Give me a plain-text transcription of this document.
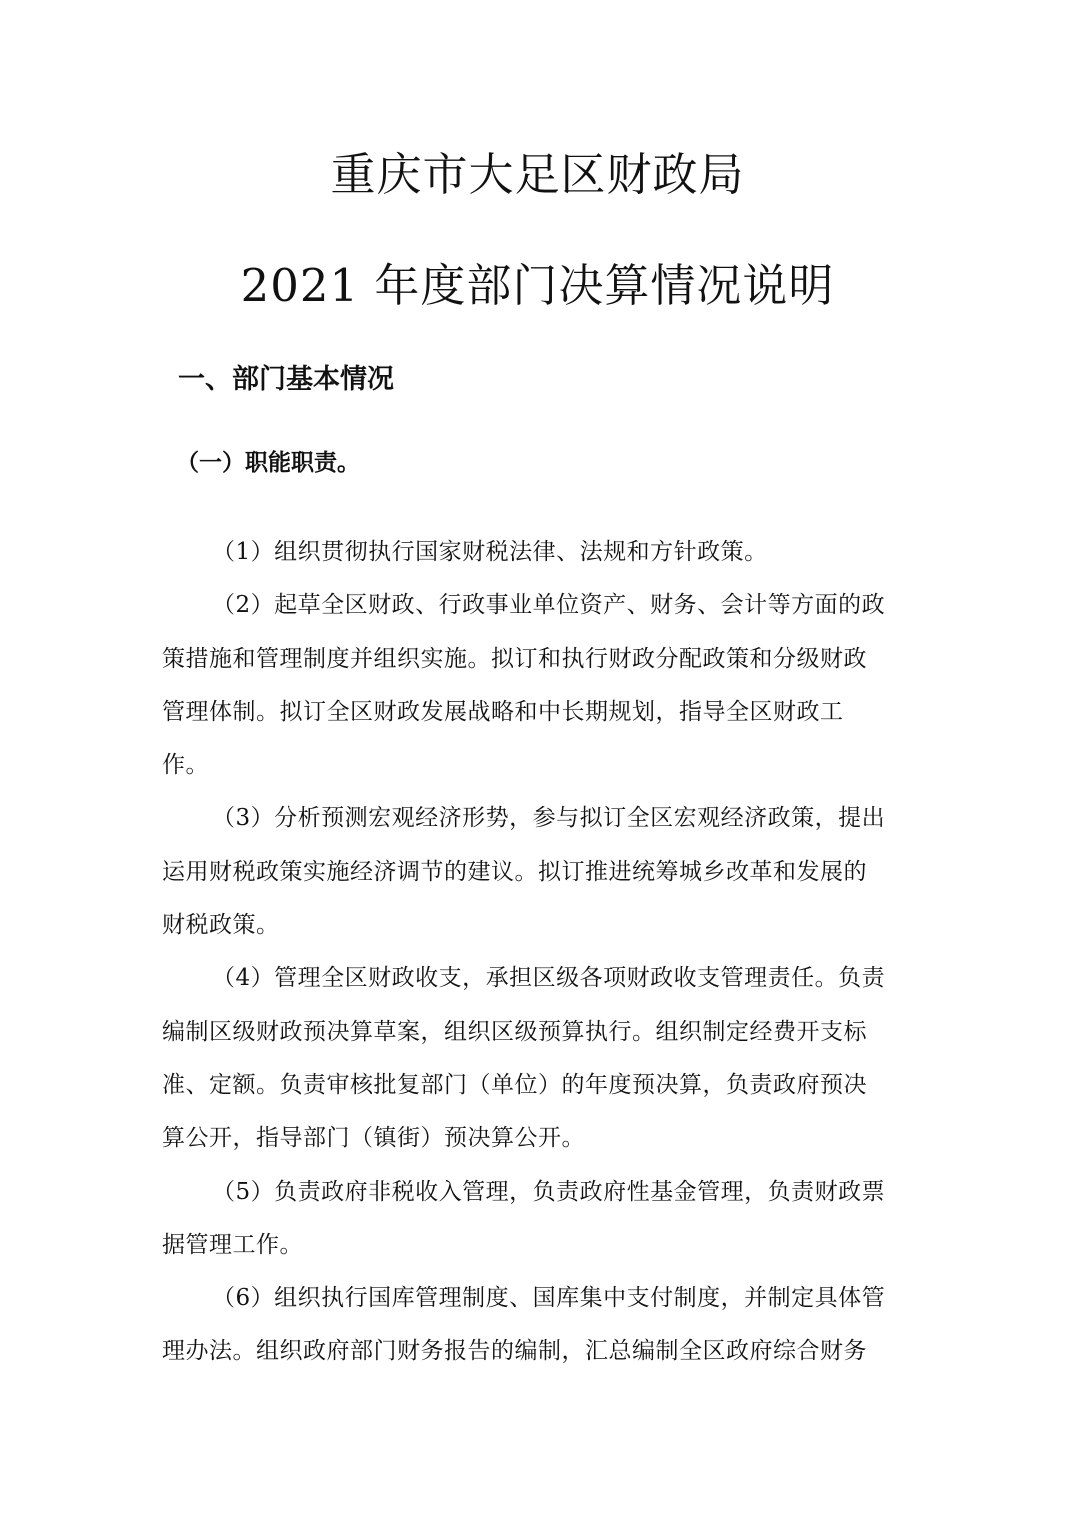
重庆市大足区财政局
2021 年度部门决算情况说明
一、部门基本情况
（一）职能职责。

（1）组织贯彻执行国家财税法律、法规和方针政策。

（2）起草全区财政、行政事业单位资产、财务、会计等方面的政
策措施和管理制度并组织实施。拟订和执行财政分配政策和分级财政
管理体制。拟订全区财政发展战略和中长期规划，指导全区财政工
作。

（3）分析预测宏观经济形势，参与拟订全区宏观经济政策，提出
运用财税政策实施经济调节的建议。拟订推进统筹城乡改革和发展的
财税政策。

（4）管理全区财政收支，承担区级各项财政收支管理责任。负责
编制区级财政预决算草案，组织区级预算执行。组织制定经费开支标
准、定额。负责审核批复部门（单位）的年度预决算，负责政府预决
算公开，指导部门（镇街）预决算公开。

（5）负责政府非税收入管理，负责政府性基金管理，负责财政票
据管理工作。

（6）组织执行国库管理制度、国库集中支付制度，并制定具体管
理办法。组织政府部门财务报告的编制，汇总编制全区政府综合财务
